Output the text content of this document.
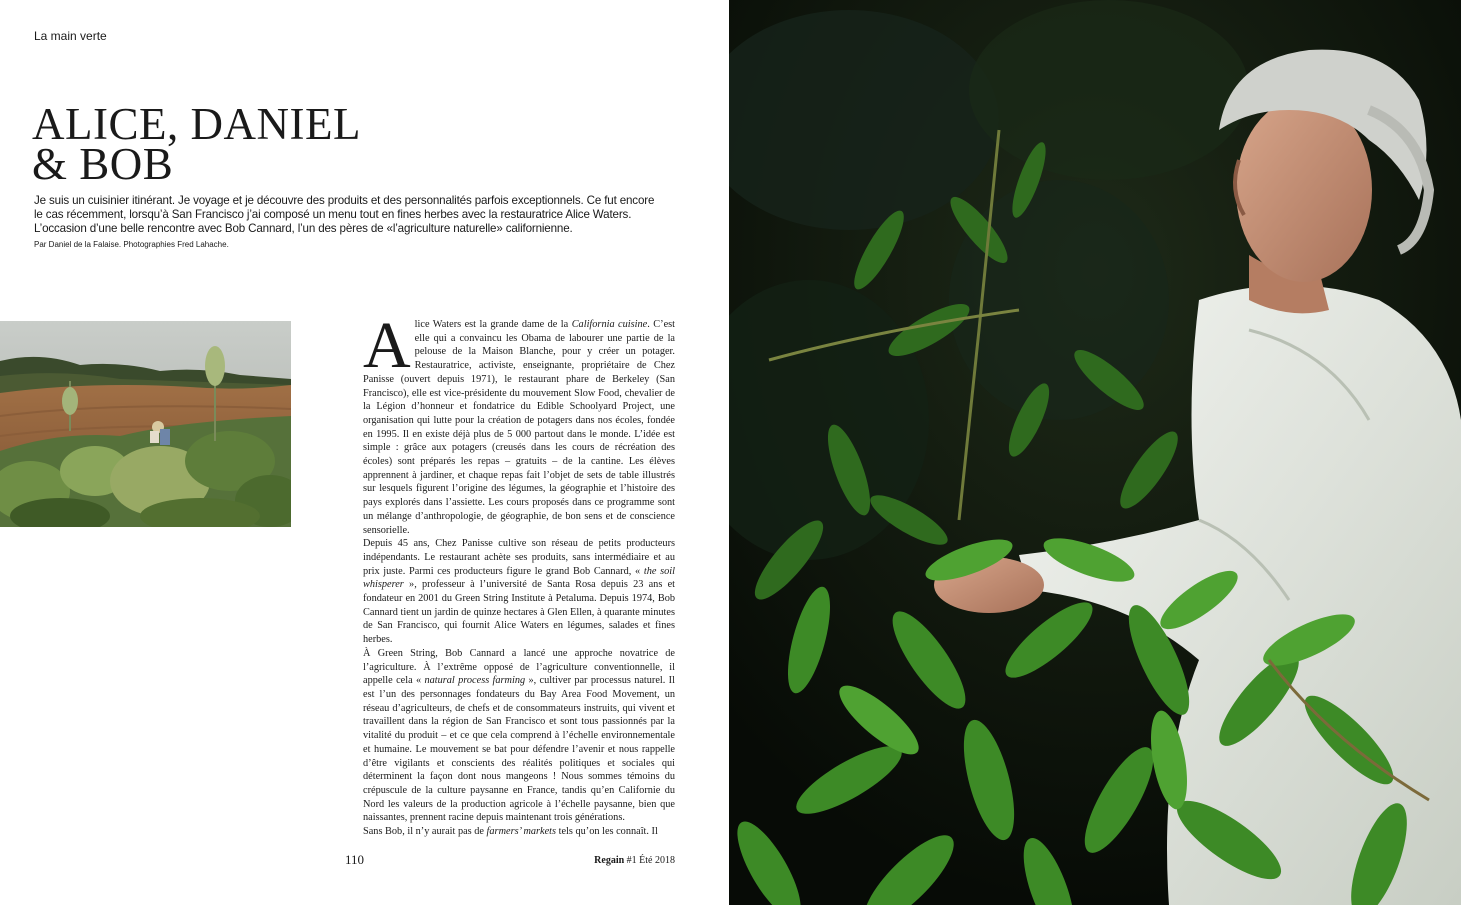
La main verte
ALICE, DANIEL
& BOB
Je suis un cuisinier itinérant. Je voyage et je découvre des produits et des personnalités parfois exceptionnels. Ce fut encore
le cas récemment, lorsqu’à San Francisco j’ai composé un menu tout en fines herbes avec la restauratrice Alice Waters.
L’occasion d’une belle rencontre avec Bob Cannard, l’un des pères de «l’agriculture naturelle» californienne.
Par Daniel de la Falaise. Photographies Fred Lahache.

Alice Waters est la grande dame de la California cuisine. C’est elle qui a convaincu les Obama de labourer une partie de la pelouse de la Maison Blanche, pour y créer un potager. Restauratrice, activiste, enseignante, propriétaire de Chez Panisse (ouvert depuis 1971), le restaurant phare de Berkeley (San Francisco), elle est vice-présidente du mouvement Slow Food, chevalier de la Légion d’honneur et fondatrice du Edible Schoolyard Project, une organisation qui lutte pour la création de potagers dans nos écoles, fondée en 1995. Il en existe déjà plus de 5 000 partout dans le monde. L’idée est simple : grâce aux potagers (creusés dans les cours de récréation des écoles) sont préparés les repas – gratuits – de la cantine. Les élèves apprennent à jardiner, et chaque repas fait l’objet de sets de table illustrés sur lesquels figurent l’origine des légumes, la géographie et l’histoire des pays explorés dans l’assiette. Les cours proposés dans ce programme sont un mélange d’anthropologie, de géographie, de bon sens et de conscience sensorielle.

Depuis 45 ans, Chez Panisse cultive son réseau de petits producteurs indépendants. Le restaurant achète ses produits, sans intermédiaire et au prix juste. Parmi ces producteurs figure le grand Bob Cannard, « the soil whisperer », professeur à l’université de Santa Rosa depuis 23 ans et fondateur en 2001 du Green String Institute à Petaluma. Depuis 1974, Bob Cannard tient un jardin de quinze hectares à Glen Ellen, à quarante minutes de San Francisco, qui fournit Alice Waters en légumes, salades et fines herbes.

À Green String, Bob Cannard a lancé une approche novatrice de l’agriculture. À l’extrême opposé de l’agriculture conventionnelle, il appelle cela « natural process farming », cultiver par processus naturel. Il est l’un des personnages fondateurs du Bay Area Food Movement, un réseau d’agriculteurs, de chefs et de consommateurs instruits, qui vivent et travaillent dans la région de San Francisco et sont tous passionnés par la vitalité du produit – et ce que cela comprend à l’échelle environnementale et humaine. Le mouvement se bat pour défendre l’avenir et nous rappelle d’être vigilants et conscients des réalités politiques et sociales qui déterminent la façon dont nous mangeons ! Nous sommes témoins du crépuscule de la culture paysanne en France, tandis qu’en Californie du Nord les valeurs de la production agricole à l’échelle paysanne, bien que naissantes, prennent racine depuis maintenant trois générations.

Sans Bob, il n’y aurait pas de farmers’ markets tels qu’on les connaît. Il

110	Regain #1 Été 2018
